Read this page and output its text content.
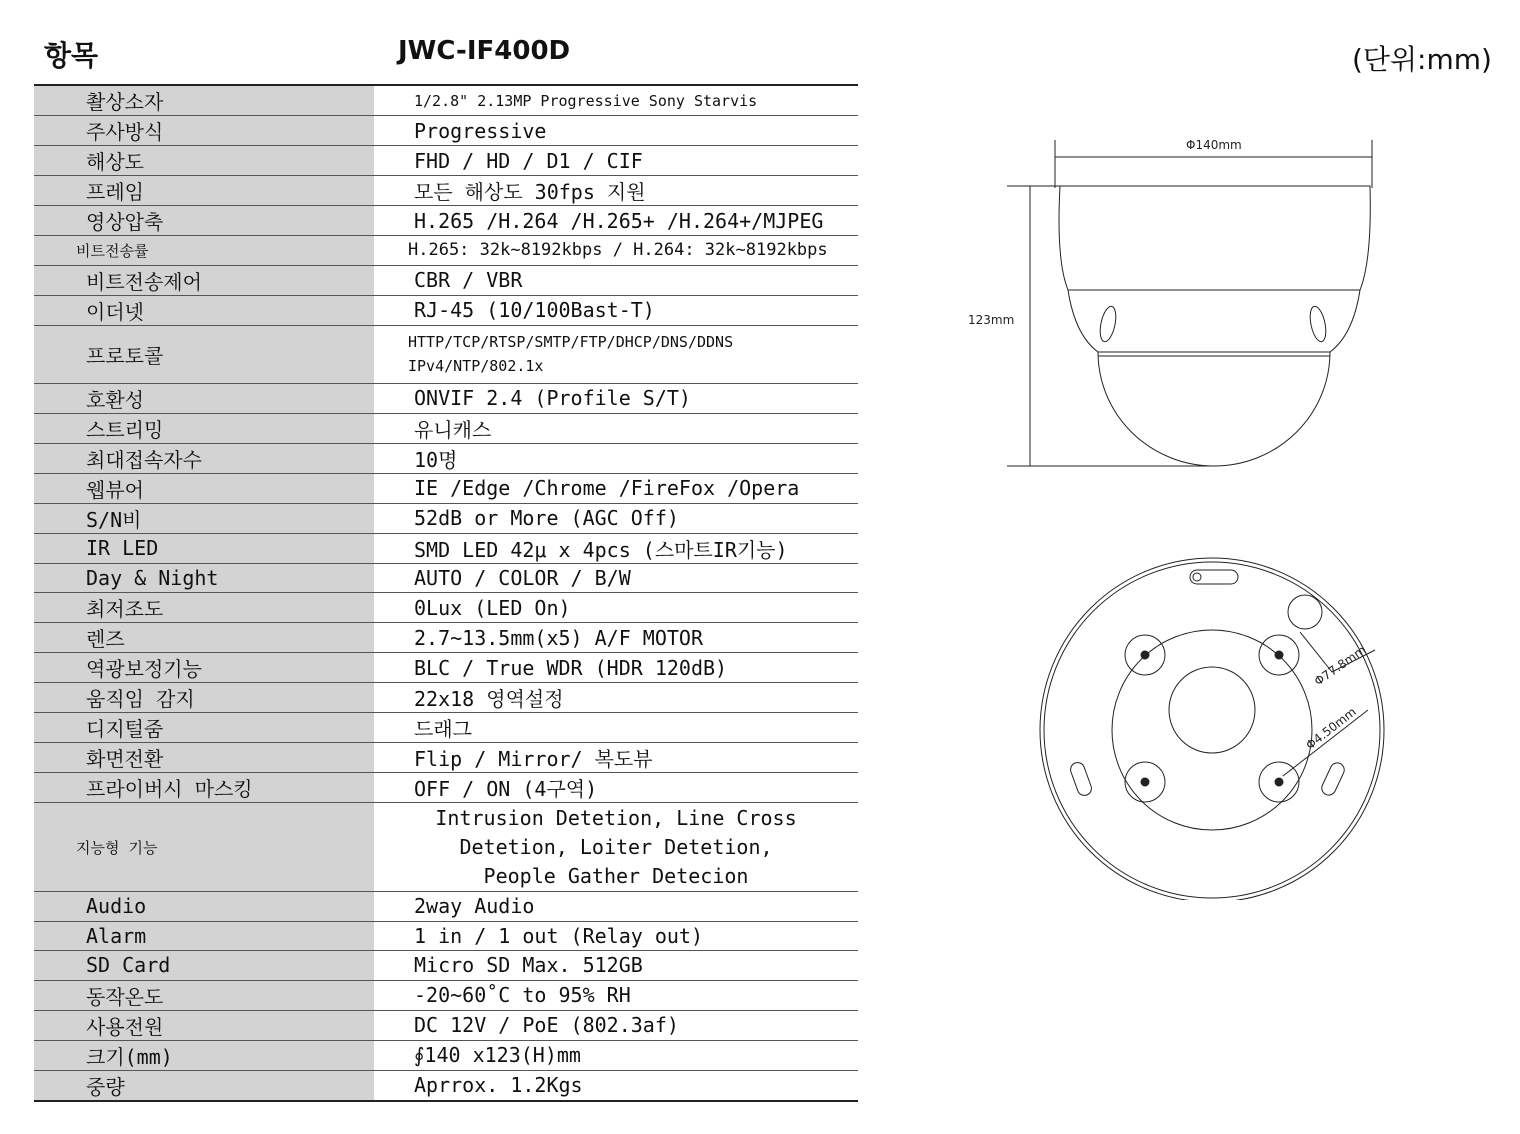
항목	JWC-IF400D	(단위:mm)
촬상소자	1/2.8" 2.13MP Progressive Sony Starvis
주사방식	Progressive
해상도	FHD / HD / D1 / CIF
프레임	모든 해상도 30fps 지원
영상압축	H.265 /H.264 /H.265+ /H.264+/MJPEG
비트전송률	H.265: 32k~8192kbps / H.264: 32k~8192kbps
비트전송제어	CBR / VBR
이더넷	RJ-45 (10/100Bast-T)
프로토콜	HTTP/TCP/RTSP/SMTP/FTP/DHCP/DNS/DDNS
IPv4/NTP/802.1x

호환성	ONVIF 2.4 (Profile S/T)
스트리밍	유니캐스
최대접속자수	10명
웹뷰어	IE /Edge /Chrome /FireFox /Opera
S/N비	52dB or More (AGC Off)
IR LED	SMD LED 42μ x 4pcs (스마트IR기능)
Day & Night	AUTO / COLOR / B/W
최저조도	0Lux (LED On)
렌즈	2.7~13.5mm(x5) A/F MOTOR
역광보정기능	BLC / True WDR (HDR 120dB)
움직임 감지	22x18 영역설정
디지털줌	드래그
화면전환	Flip / Mirror/ 복도뷰
프라이버시 마스킹	OFF / ON (4구역)
지능형 기능	Intrusion Detetion, Line Cross
Detetion, Loiter Detetion,
People Gather Detecion

Audio	2way Audio
Alarm	1 in / 1 out (Relay out)
SD Card	Micro SD Max. 512GB
동작온도	-20~60˚C to 95% RH
사용전원	DC 12V / PoE (802.3af)
크기(mm)	∮140 x123(H)mm
중량	Aprrox. 1.2Kgs
Φ140mm
123mm
Φ77.8mm
Φ4.50mm
